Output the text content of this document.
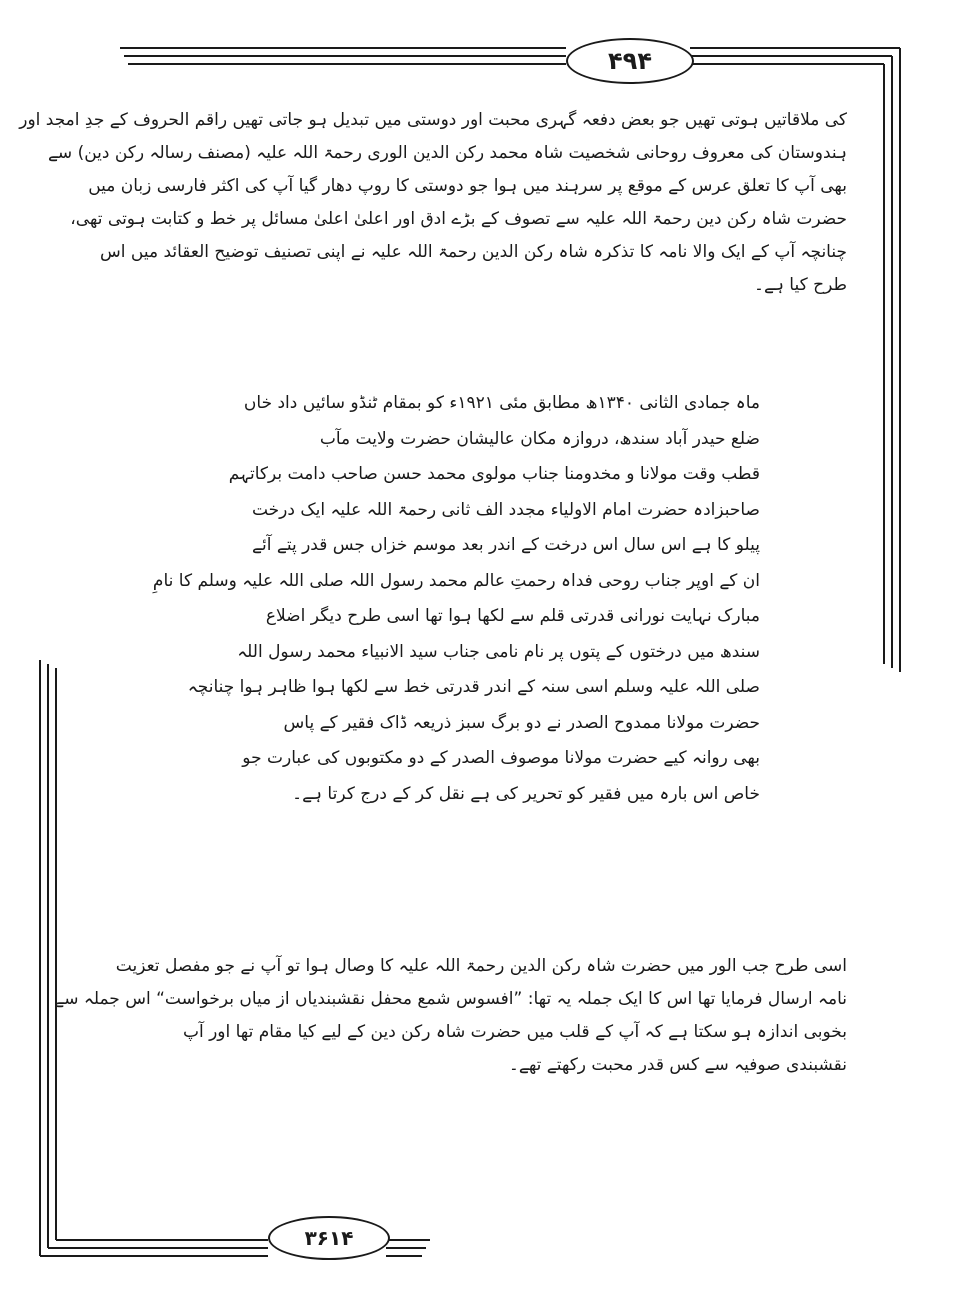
۴۹۴
کی ملاقاتیں ہوتی تھیں جو بعض دفعہ گہری محبت اور دوستی میں تبدیل ہو جاتی تھیں راقم الحروف کے جدِ امجد اور
ہندوستان کی معروف روحانی شخصیت شاہ محمد رکن الدین الوری رحمۃ اللہ علیہ (مصنف رسالہ رکن دین) سے
بھی آپ کا تعلق عرس کے موقع پر سرہند میں ہوا جو دوستی کا روپ دھار گیا آپ کی اکثر فارسی زبان میں
حضرت شاہ رکن دین رحمۃ اللہ علیہ سے تصوف کے بڑے ادق اور اعلیٰ اعلیٰ مسائل پر خط و کتابت ہوتی تھی،
چنانچہ آپ کے ایک والا نامہ کا تذکرہ شاہ رکن الدین رحمۃ اللہ علیہ نے اپنی تصنیف توضیح العقائد میں اس
طرح کیا ہے۔
ماہ جمادی الثانی ۱۳۴۰ھ مطابق مئی ۱۹۲۱ء کو بمقام ٹنڈو سائیں داد خاں
ضلع حیدر آباد سندھ، دروازہ مکان عالیشان حضرت ولایت مآب
قطب وقت مولانا و مخدومنا جناب مولوی محمد حسن صاحب دامت برکاتہم
صاحبزادہ حضرت امام الاولیاء مجدد الف ثانی رحمۃ اللہ علیہ ایک درخت
پیلو کا ہے اس سال اس درخت کے اندر بعد موسم خزاں جس قدر پتے آئے
ان کے اوپر جناب روحی فداہ رحمتِ عالم محمد رسول اللہ صلی اللہ علیہ وسلم کا نامِ
مبارک نہایت نورانی قدرتی قلم سے لکھا ہوا تھا اسی طرح دیگر اضلاع
سندھ میں درختوں کے پتوں پر نام نامی جناب سید الانبیاء محمد رسول اللہ
صلی اللہ علیہ وسلم اسی سنہ کے اندر قدرتی خط سے لکھا ہوا ظاہر ہوا چنانچہ
حضرت مولانا ممدوح الصدر نے دو برگ سبز ذریعہ ڈاک فقیر کے پاس
بھی روانہ کیے حضرت مولانا موصوف الصدر کے دو مکتوبوں کی عبارت جو
خاص اس بارہ میں فقیر کو تحریر کی ہے نقل کر کے درج کرتا ہے۔
اسی طرح جب الور میں حضرت شاہ رکن الدین رحمۃ اللہ علیہ کا وصال ہوا تو آپ نے جو مفصل تعزیت
نامہ ارسال فرمایا تھا اس کا ایک جملہ یہ تھا: ”افسوس شمع محفل نقشبندیاں از میاں برخواست“ اس جملہ سے
بخوبی اندازہ ہو سکتا ہے کہ آپ کے قلب میں حضرت شاہ رکن دین کے لیے کیا مقام تھا اور آپ
نقشبندی صوفیہ سے کس قدر محبت رکھتے تھے۔
۳۶۱۴
